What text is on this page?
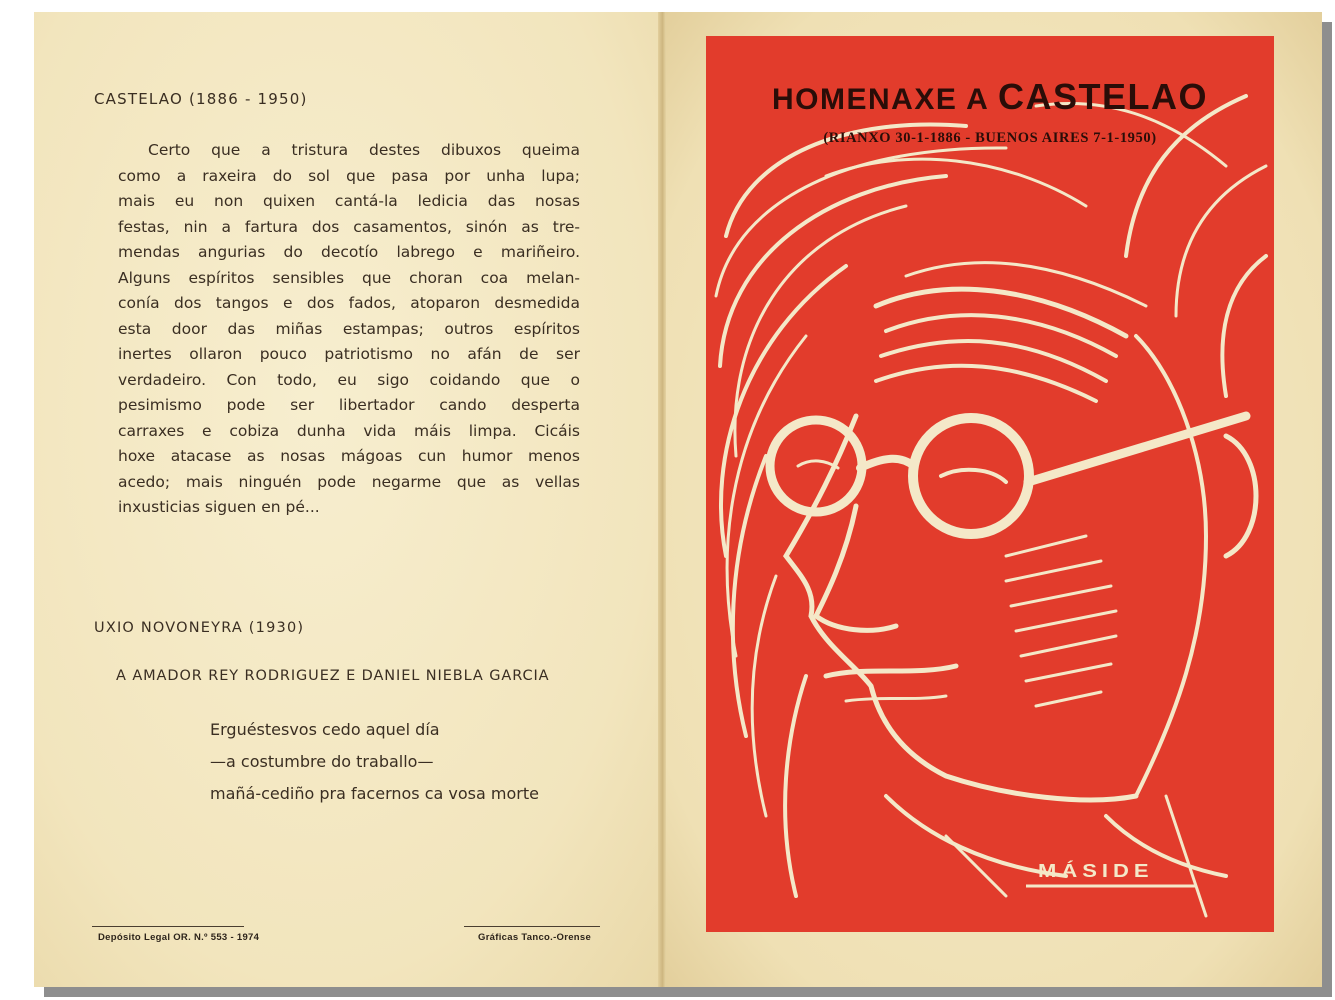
CASTELAO (1886 - 1950)
Certo que a tristura destes dibuxos queima
como a raxeira do sol que pasa por unha lupa;
mais eu non quixen cantá-la ledicia das nosas
festas, nin a fartura dos casamentos, sinón as tre-
mendas angurias do decotío labrego e mariñeiro.
Alguns espíritos sensibles que choran coa melan-
conía dos tangos e dos fados, atoparon desmedida
esta door das miñas estampas; outros espíritos
inertes ollaron pouco patriotismo no afán de ser
verdadeiro. Con todo, eu sigo coidando que o
pesimismo pode ser libertador cando desperta
carraxes e cobiza dunha vida máis limpa. Cicáis
hoxe atacase as nosas mágoas cun humor menos
acedo; mais ninguén pode negarme que as vellas
inxusticias siguen en pé...
UXIO NOVONEYRA (1930)
A AMADOR REY RODRIGUEZ E DANIEL NIEBLA GARCIA
Erguéstesvos cedo aquel día
—a costumbre do traballo—
mañá-cediño pra facernos ca vosa morte
Depósito Legal OR. N.º 553 - 1974	Gráficas Tanco.-Orense
HOMENAXE A CASTELAO
(RIANXO 30-1-1886 - BUENOS AIRES 7-1-1950)
MÁSIDE
